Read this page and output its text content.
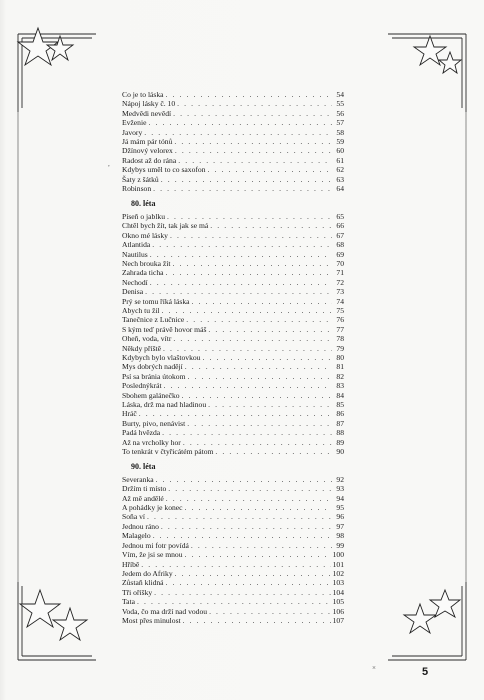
Co je to láska . . .	54
Nápoj lásky č. 10 . . .	55
Medvědi nevědí . . .	56
Evženie . . .	57
Javory . . .	58
Já mám pár tónů . . .	59
Džínový velorex . . .	60
Radost až do rána . . .	61
Kdybys uměl to co saxofon . . .	62
Šaty z šátků . . .	63
Robinson . . .	64
80. léta
Píseň o jablku . . .	65
Chtěl bych žít, tak jak se má . . .	66
Okno mé lásky . . .	67
Atlantida . . .	68
Nautilus . . .	69
Nech brouka žít . . .	70
Zahrada ticha . . .	71
Nechodí . . .	72
Denisa . . .	73
Prý se tomu říká láska . . .	74
Abych tu žil . . .	75
Tanečnice z Lučnice . . .	76
S kým teď právě hovor máš . . .	77
Oheň, voda, vítr . . .	78
Někdy příště . . .	79
Kdybych bylo vlaštovkou . . .	80
Mys dobrých nadějí . . .	81
Psí sa bránia útokom . . .	82
Poslednýkrát . . .	83
Sbohem galánečko . . .	84
Láska, drž ma nad hladinou . . .	85
Hráč . . .	86
Burty, pivo, nenávist . . .	87
Padá hvězda . . .	88
Až na vrcholky hor . . .	89
To tenkrát v čtyřicátém pátom . . .	90
90. léta
Severanka . . .	92
Držím ti místo . . .	93
Až mě andělé . . .	94
A pohádky je konec . . .	95
Soňa ví . . .	96
Jednou ráno . . .	97
Malagelo . . .	98
Jednou mi fotr povídá . . .	99
Vím, že jsi se mnou . . .	100
Hříbě . . .	101
Jedem do Afriky . . .	102
Zůstaň klidná . . .	103
Tři oříšky . . .	104
Tata . . .	105
Voda, čo ma drží nad vodou . . .	106
Most přes minulost . . .	107
,
×	5
